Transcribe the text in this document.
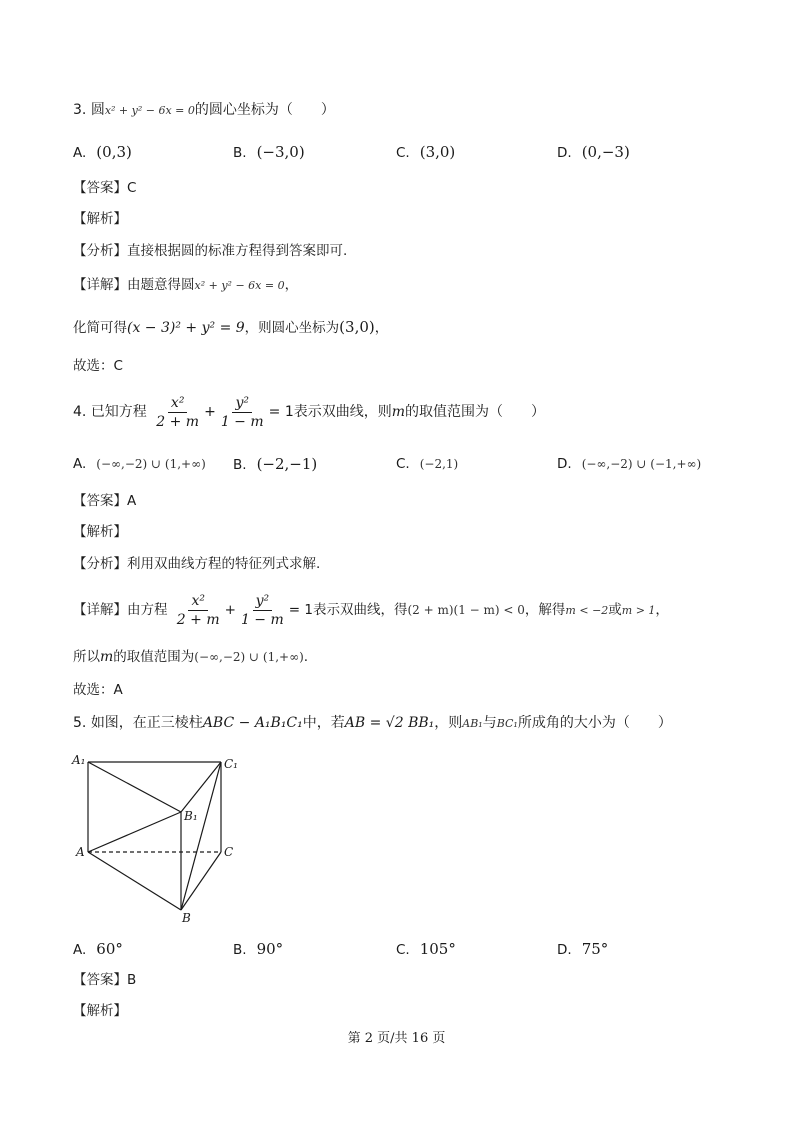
3. 圆x² + y² − 6x = 0的圆心坐标为（　　）
A. (0,3)	B. (−3,0)	C. (3,0)	D. (0,−3)
【答案】C
【解析】
【分析】直接根据圆的标准方程得到答案即可.
【详解】由题意得圆x² + y² − 6x = 0，
化简可得(x − 3)² + y² = 9，则圆心坐标为(3,0)，
故选：C
4. 已知方程 $\frac{\text{x²}}{2 + m} + \frac{\text{y²}}{1 - m} = 1$表示双曲线，则m的取值范围为（　　）
A. (−∞,−2) ∪ (1,+∞) B. (−2,−1)	C. (−2,1)	D. (−∞,−2) ∪ (−1,+∞)
【答案】A
【解析】
【分析】利用双曲线方程的特征列式求解.
【详解】由方程 $\frac{\text{x²}}{2 + m} + \frac{\text{y²}}{1 - m} = 1$表示双曲线，得(2 + m)(1 − m) < 0，解得m < −2或m > 1，
所以m的取值范围为(−∞,−2) ∪ (1,+∞).
故选：A
5. 如图，在正三棱柱ABC − A₁B₁C₁中，若AB = √2 BB₁，则AB₁与BC₁所成角的大小为（　　）
A₁	C₁
B₁
A	C
B
A. 60°	B. 90°	C. 105°	D. 75°
【答案】B
【解析】
第 2 页/共 16 页
